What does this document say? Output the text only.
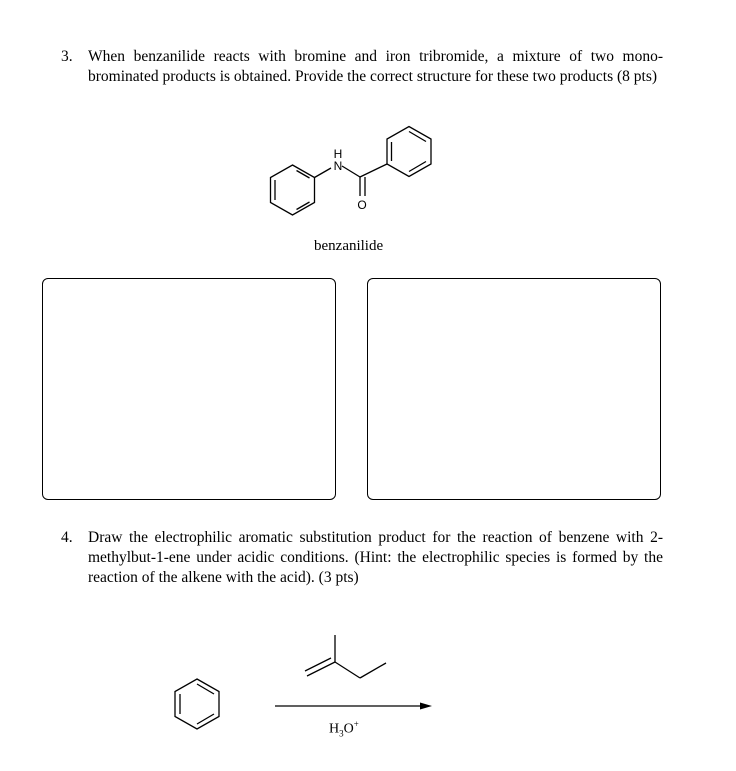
3. When benzanilide reacts with bromine and iron tribromide, a mixture of two mono-brominated products is obtained. Provide the correct structure for these two products (8 pts)
H
N
O
benzanilide
4. Draw the electrophilic aromatic substitution product for the reaction of benzene with 2-methylbut-1-ene under acidic conditions. (Hint: the electrophilic species is formed by the reaction of the alkene with the acid). (3 pts)
$H_3O^+$
